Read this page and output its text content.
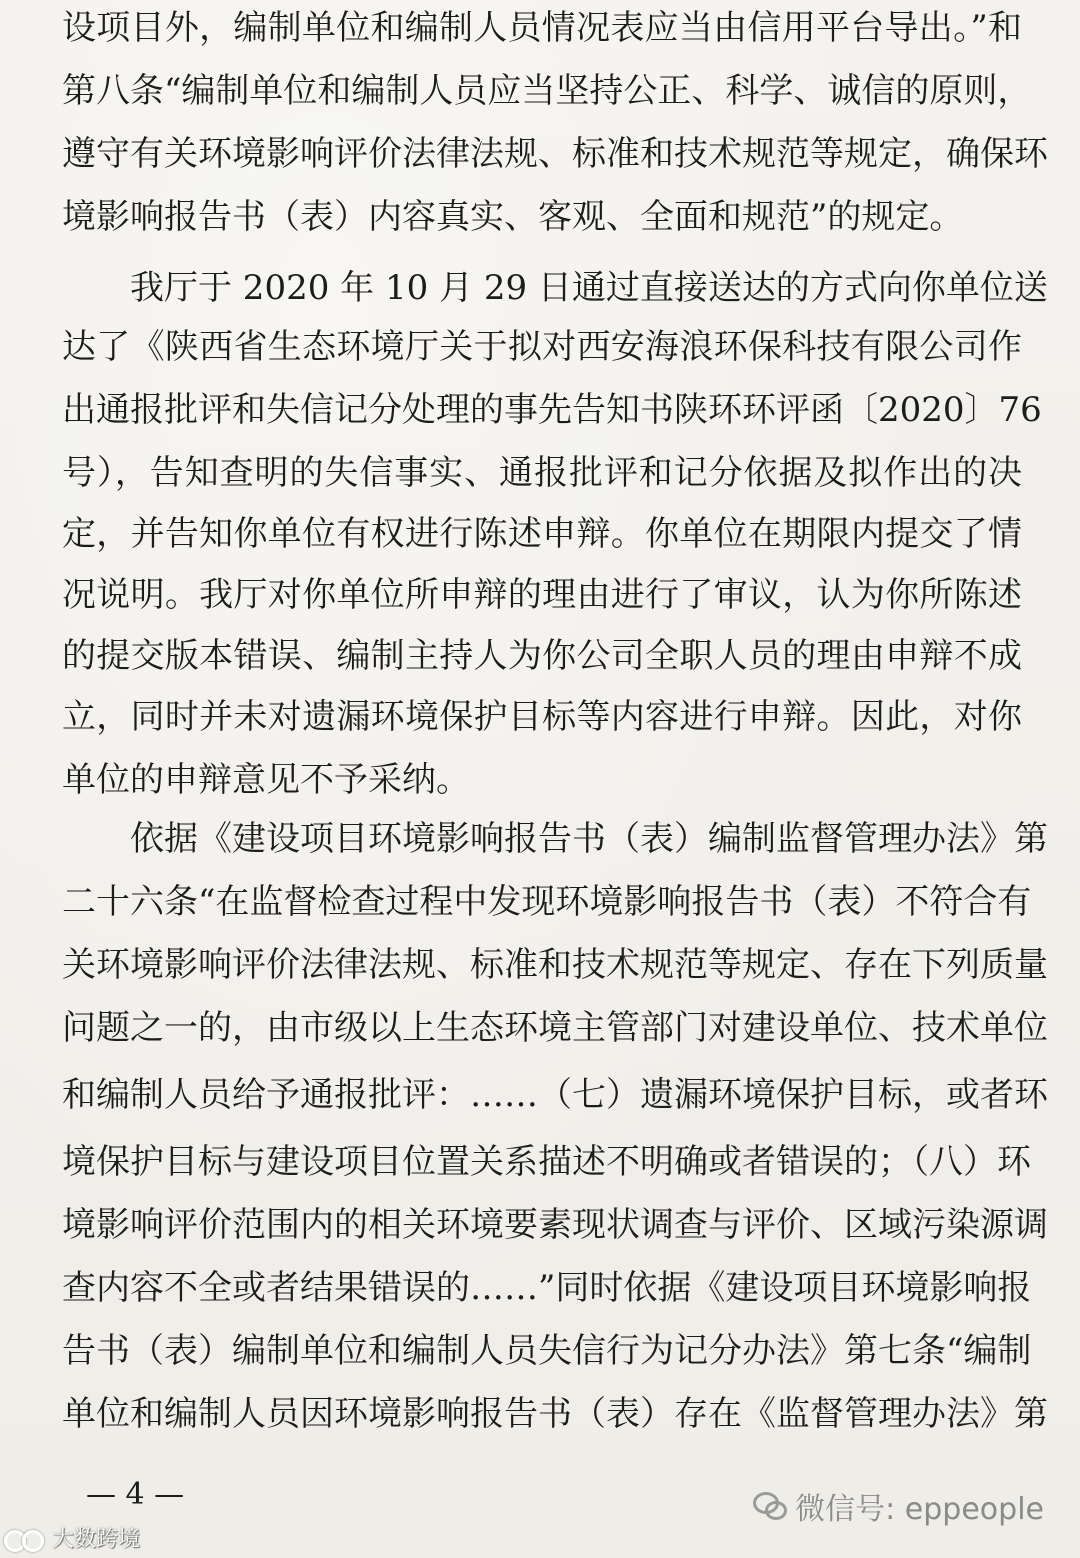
设项目外，编制单位和编制人员情况表应当由信用平台导出。”和
第八条“编制单位和编制人员应当坚持公正、科学、诚信的原则，
遵守有关环境影响评价法律法规、标准和技术规范等规定，确保环
境影响报告书（表）内容真实、客观、全面和规范”的规定。
我厅于 2020 年 10 月 29 日通过直接送达的方式向你单位送
达了《陕西省生态环境厅关于拟对西安海浪环保科技有限公司作
出通报批评和失信记分处理的事先告知书陕环环评函〔2020〕76
号），告知查明的失信事实、通报批评和记分依据及拟作出的决
定，并告知你单位有权进行陈述申辩。你单位在期限内提交了情
况说明。我厅对你单位所申辩的理由进行了审议，认为你所陈述
的提交版本错误、编制主持人为你公司全职人员的理由申辩不成
立，同时并未对遗漏环境保护目标等内容进行申辩。因此，对你
单位的申辩意见不予采纳。
依据《建设项目环境影响报告书（表）编制监督管理办法》第
二十六条“在监督检查过程中发现环境影响报告书（表）不符合有
关环境影响评价法律法规、标准和技术规范等规定、存在下列质量
问题之一的，由市级以上生态环境主管部门对建设单位、技术单位
和编制人员给予通报批评：……（七）遗漏环境保护目标，或者环
境保护目标与建设项目位置关系描述不明确或者错误的；（八）环
境影响评价范围内的相关环境要素现状调查与评价、区域污染源调
查内容不全或者结果错误的……”同时依据《建设项目环境影响报
告书（表）编制单位和编制人员失信行为记分办法》第七条“编制
单位和编制人员因环境影响报告书（表）存在《监督管理办法》第
— 4 —	微信号: eppeople
大数跨境
